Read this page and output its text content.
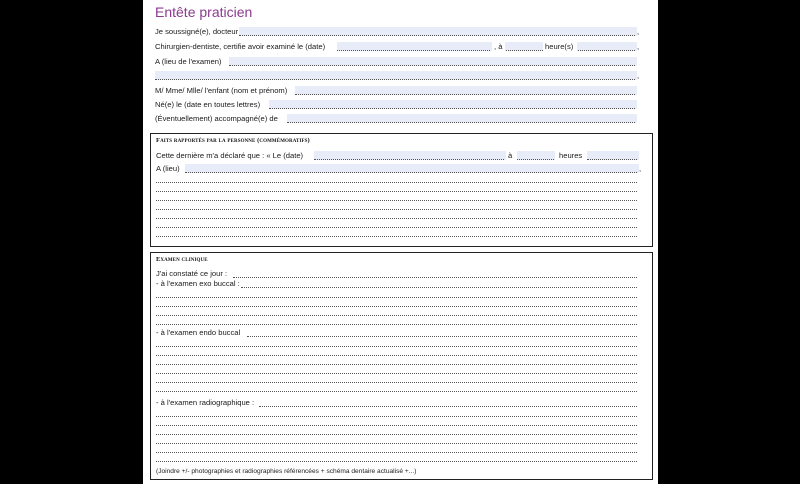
Entête praticien
Je soussigné(e), docteur	,
Chirurgien-dentiste, certifie avoir examiné le (date)	, à	heure(s)	,
A (lieu de l'examen)
,
M/ Mme/ Mlle/ l'enfant (nom et prénom)
Né(e) le (date en toutes lettres)
(Éventuellement) accompagné(e) de
Faits rapportés par la personne (commémoratifs)
Cette dernière m'a déclaré que : « Le (date)	à	heures
A (lieu)	,
Examen clinique
J'ai constaté ce jour :
- à l'examen exo buccal :
- à l'examen endo buccal
- à l'examen radiographique :
(Joindre +/- photographies et radiographies référencées + schéma dentaire actualisé +...)
